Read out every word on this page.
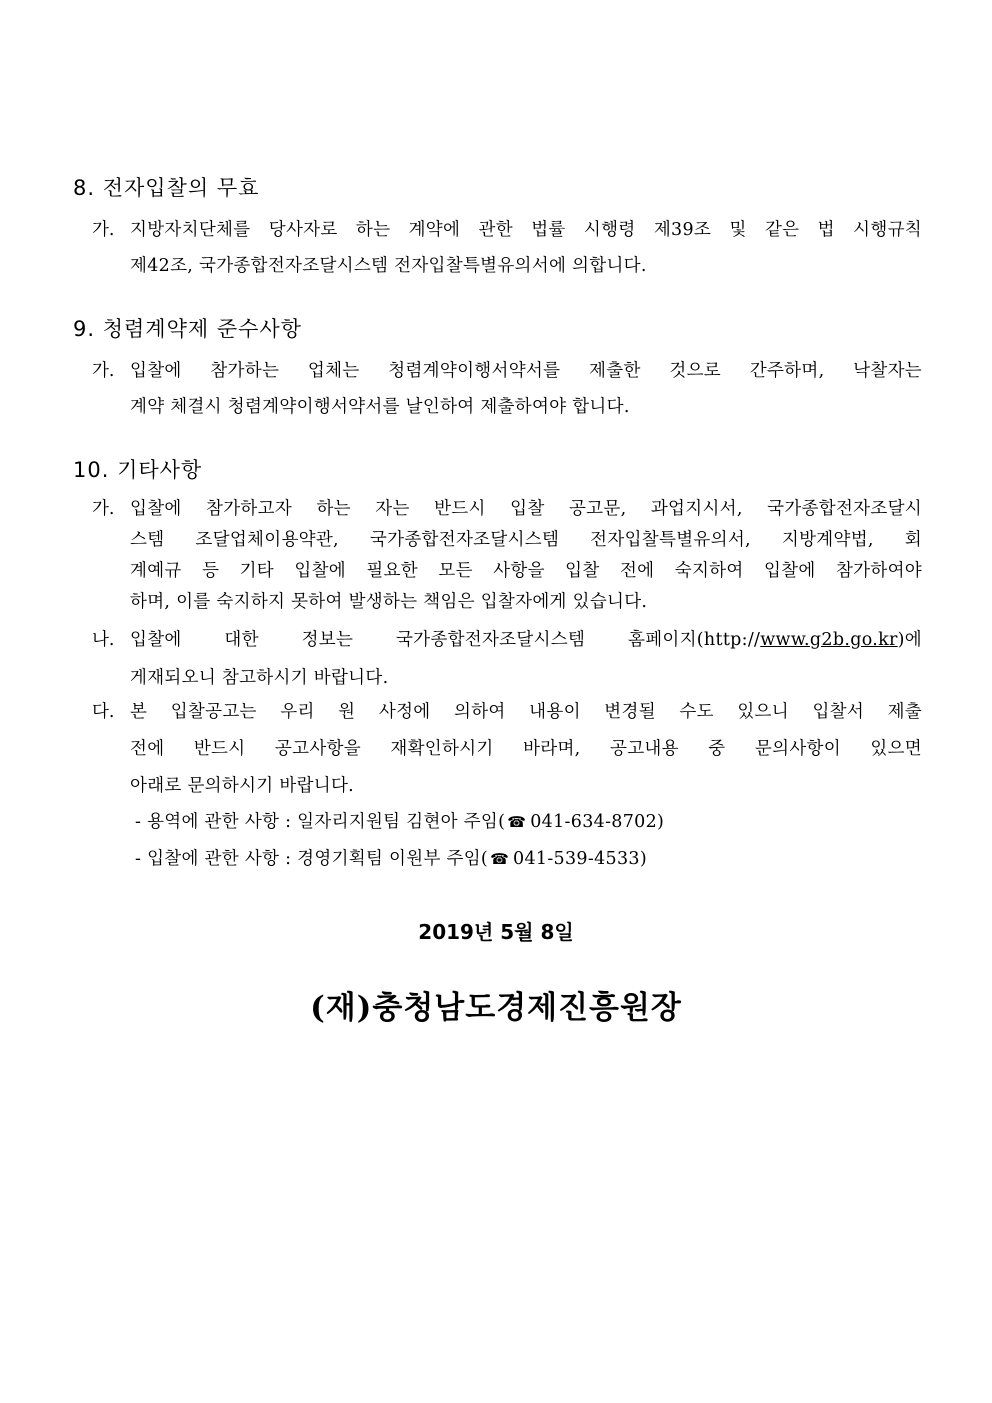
8. 전자입찰의 무효
가. 지방자치단체를 당사자로 하는 계약에 관한 법률 시행령 제39조 및 같은 법 시행규칙
제42조, 국가종합전자조달시스템 전자입찰특별유의서에 의합니다.
9. 청렴계약제 준수사항
가. 입찰에 참가하는 업체는 청렴계약이행서약서를 제출한 것으로 간주하며, 낙찰자는
계약 체결시 청렴계약이행서약서를 날인하여 제출하여야 합니다.
10. 기타사항
가. 입찰에 참가하고자 하는 자는 반드시 입찰 공고문, 과업지시서, 국가종합전자조달시
스템 조달업체이용약관, 국가종합전자조달시스템 전자입찰특별유의서, 지방계약법, 회
계예규 등 기타 입찰에 필요한 모든 사항을 입찰 전에 숙지하여 입찰에 참가하여야
하며, 이를 숙지하지 못하여 발생하는 책임은 입찰자에게 있습니다.
나. 입찰에 대한 정보는 국가종합전자조달시스템 홈페이지(http://www.g2b.go.kr)에
게재되오니 참고하시기 바랍니다.
다. 본 입찰공고는 우리 원 사정에 의하여 내용이 변경될 수도 있으니 입찰서 제출
전에 반드시 공고사항을 재확인하시기 바라며, 공고내용 중 문의사항이 있으면
아래로 문의하시기 바랍니다.
- 용역에 관한 사항 : 일자리지원팀 김현아 주임( ☎ 041-634-8702)
- 입찰에 관한 사항 : 경영기획팀 이원부 주임( ☎ 041-539-4533)
2019년 5월 8일
(재)충청남도경제진흥원장
